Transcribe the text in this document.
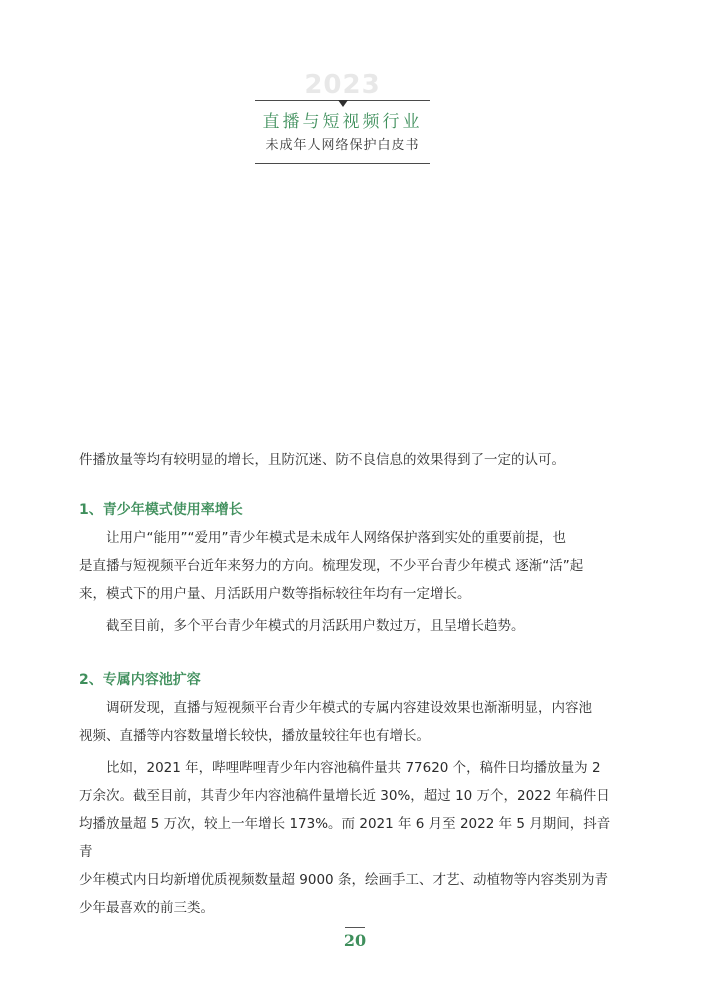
2023
直播与短视频行业
未成年人网络保护白皮书

件播放量等均有较明显的增长，且防沉迷、防不良信息的效果得到了一定的认可。

1、青少年模式使用率增长

让用户“能用”“爱用”青少年模式是未成年人网络保护落到实处的重要前提，也

是直播与短视频平台近年来努力的方向。梳理发现，不少平台青少年模式 逐渐“活”起

来，模式下的用户量、月活跃用户数等指标较往年均有一定增长。

截至目前，多个平台青少年模式的月活跃用户数过万，且呈增长趋势。

2、专属内容池扩容

调研发现，直播与短视频平台青少年模式的专属内容建设效果也渐渐明显，内容池

视频、直播等内容数量增长较快，播放量较往年也有增长。

比如，2021 年，哔哩哔哩青少年内容池稿件量共 77620 个，稿件日均播放量为 2

万余次。截至目前，其青少年内容池稿件量增长近 30%，超过 10 万个，2022 年稿件日

均播放量超 5 万次，较上一年增长 173%。而 2021 年 6 月至 2022 年 5 月期间，抖音青

少年模式内日均新增优质视频数量超 9000 条，绘画手工、才艺、动植物等内容类别为青

少年最喜欢的前三类。

20
